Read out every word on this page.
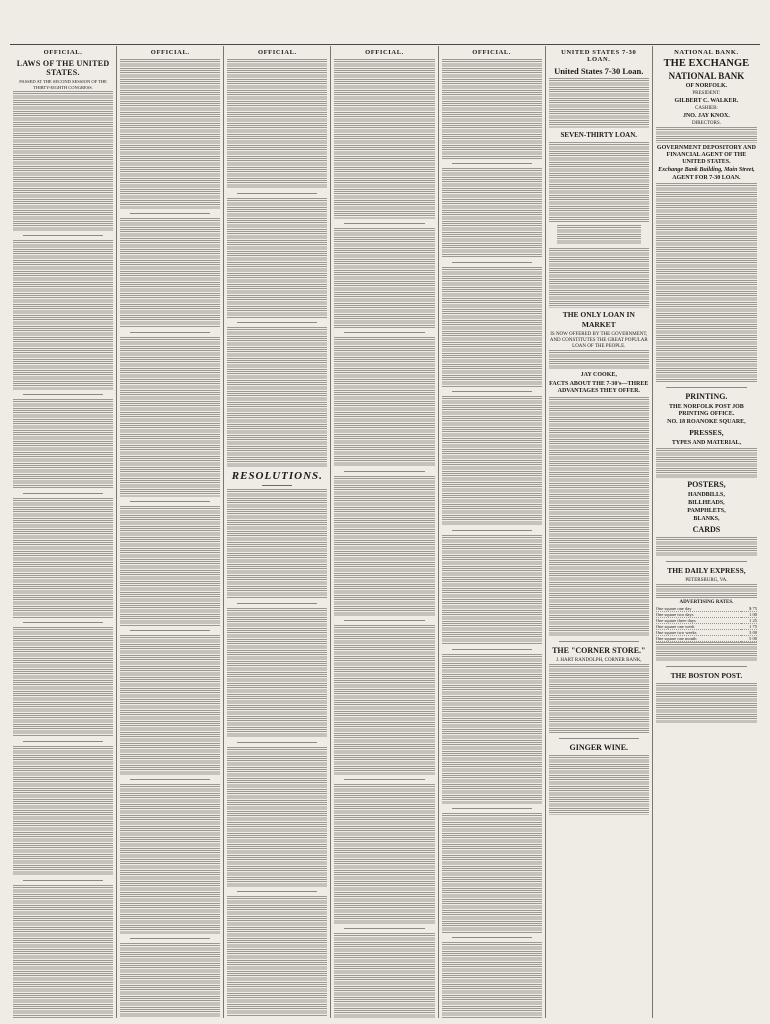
OFFICIAL.
LAWS OF THE UNITED STATES.
PASSED AT THE SECOND SESSION OF THE THIRTY-EIGHTH CONGRESS.
OFFICIAL.	OFFICIAL.
RESOLUTIONS.
OFFICIAL.	OFFICIAL.	UNITED STATES 7-30 LOAN.
United States 7-30 Loan.
SEVEN-THIRTY LOAN.
THE ONLY LOAN IN MARKET
IS NOW OFFERED BY THE GOVERNMENT,
AND CONSTITUTES THE GREAT POPULAR LOAN OF THE PEOPLE.
JAY COOKE,
FACTS ABOUT THE 7-30's—THREE ADVANTAGES THEY OFFER.
THE "CORNER STORE."
J. HART RANDOLPH, CORNER BANK,
GINGER WINE.
NATIONAL BANK.
THE EXCHANGE
NATIONAL BANK
OF NORFOLK.
PRESIDENT:
GILBERT C. WALKER.
CASHIER:
JNO. JAY KNOX.
DIRECTORS.
GOVERNMENT DEPOSITORY AND FINANCIAL AGENT OF THE UNITED STATES.
Exchange Bank Building, Main Street,
AGENT FOR 7-30 LOAN.
PRINTING.
THE NORFOLK POST JOB PRINTING OFFICE.
NO. 18 ROANOKE SQUARE,
PRESSES,
TYPES AND MATERIAL,
POSTERS,
HANDBILLS,
BILLHEADS,
PAMPHLETS,
BLANKS,
CARDS
THE DAILY EXPRESS,
PETERSBURG, VA.
ADVERTISING RATES.
One square one day	$ 75
One square two days	1 00
One square three days	1 25
One square one week	1 75
One square two weeks	3 00
One square one month	5 00
THE BOSTON POST.
